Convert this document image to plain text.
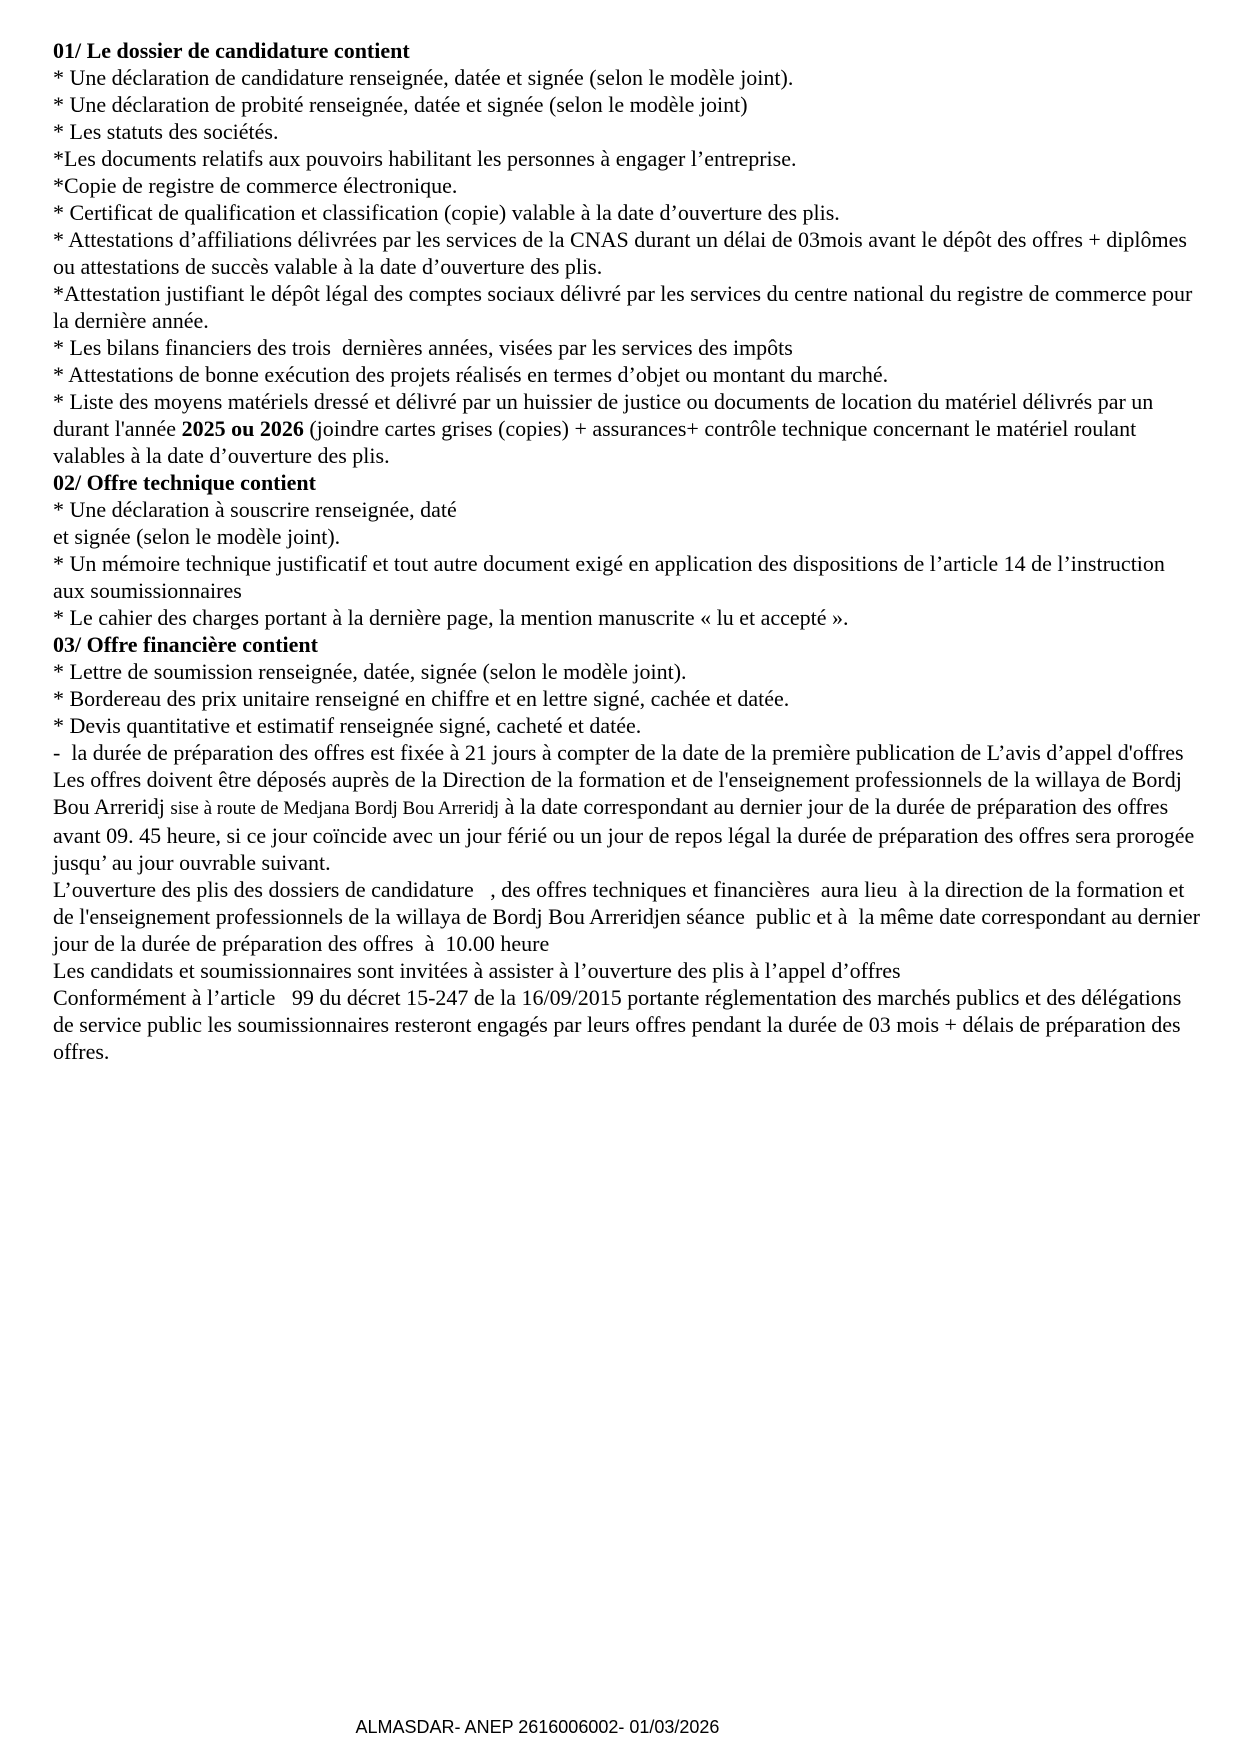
01/ Le dossier de candidature contient

* Une déclaration de candidature renseignée, datée et signée (selon le modèle joint).

* Une déclaration de probité renseignée, datée et signée (selon le modèle joint)

* Les statuts des sociétés.

*Les documents relatifs aux pouvoirs habilitant les personnes à engager l’entreprise.

*Copie de registre de commerce électronique.

* Certificat de qualification et classification (copie) valable à la date d’ouverture des plis.

* Attestations d’affiliations délivrées par les services de la CNAS durant un délai de 03mois avant le dépôt des offres + diplômes ou attestations de succès valable à la date d’ouverture des plis.

*Attestation justifiant le dépôt légal des comptes sociaux délivré par les services du centre national du registre de commerce pour la dernière année.

* Les bilans financiers des trois  dernières années, visées par les services des impôts

* Attestations de bonne exécution des projets réalisés en termes d’objet ou montant du marché.

* Liste des moyens matériels dressé et délivré par un huissier de justice ou documents de location du matériel délivrés par un durant l'année 2025 ou 2026 (joindre cartes grises (copies) + assurances+ contrôle technique concernant le matériel roulant valables à la date d’ouverture des plis.

02/ Offre technique contient

* Une déclaration à souscrire renseignée, daté

et signée (selon le modèle joint).

* Un mémoire technique justificatif et tout autre document exigé en application des dispositions de l’article 14 de l’instruction aux soumissionnaires

* Le cahier des charges portant à la dernière page, la mention manuscrite « lu et accepté ».

03/ Offre financière contient

* Lettre de soumission renseignée, datée, signée (selon le modèle joint).

* Bordereau des prix unitaire renseigné en chiffre et en lettre signé, cachée et datée.

* Devis quantitative et estimatif renseignée signé, cacheté et datée.

-  la durée de préparation des offres est fixée à 21 jours à compter de la date de la première publication de L’avis d’appel d'offres

Les offres doivent être déposés auprès de la Direction de la formation et de l'enseignement professionnels de la willaya de Bordj Bou Arreridj sise à route de Medjana Bordj Bou Arreridj à la date correspondant au dernier jour de la durée de préparation des offres avant 09. 45 heure, si ce jour coïncide avec un jour férié ou un jour de repos légal la durée de préparation des offres sera prorogée jusqu’ au jour ouvrable suivant.

L’ouverture des plis des dossiers de candidature   , des offres techniques et financières  aura lieu  à la direction de la formation et de l'enseignement professionnels de la willaya de Bordj Bou Arreridjen séance  public et à  la même date correspondant au dernier jour de la durée de préparation des offres  à  10.00 heure

Les candidats et soumissionnaires sont invitées à assister à l’ouverture des plis à l’appel d’offres

Conformément à l’article   99 du décret 15-247 de la 16/09/2015 portante réglementation des marchés publics et des délégations de service public les soumissionnaires resteront engagés par leurs offres pendant la durée de 03 mois + délais de préparation des offres.

ALMASDAR- ANEP 2616006002- 01/03/2026
